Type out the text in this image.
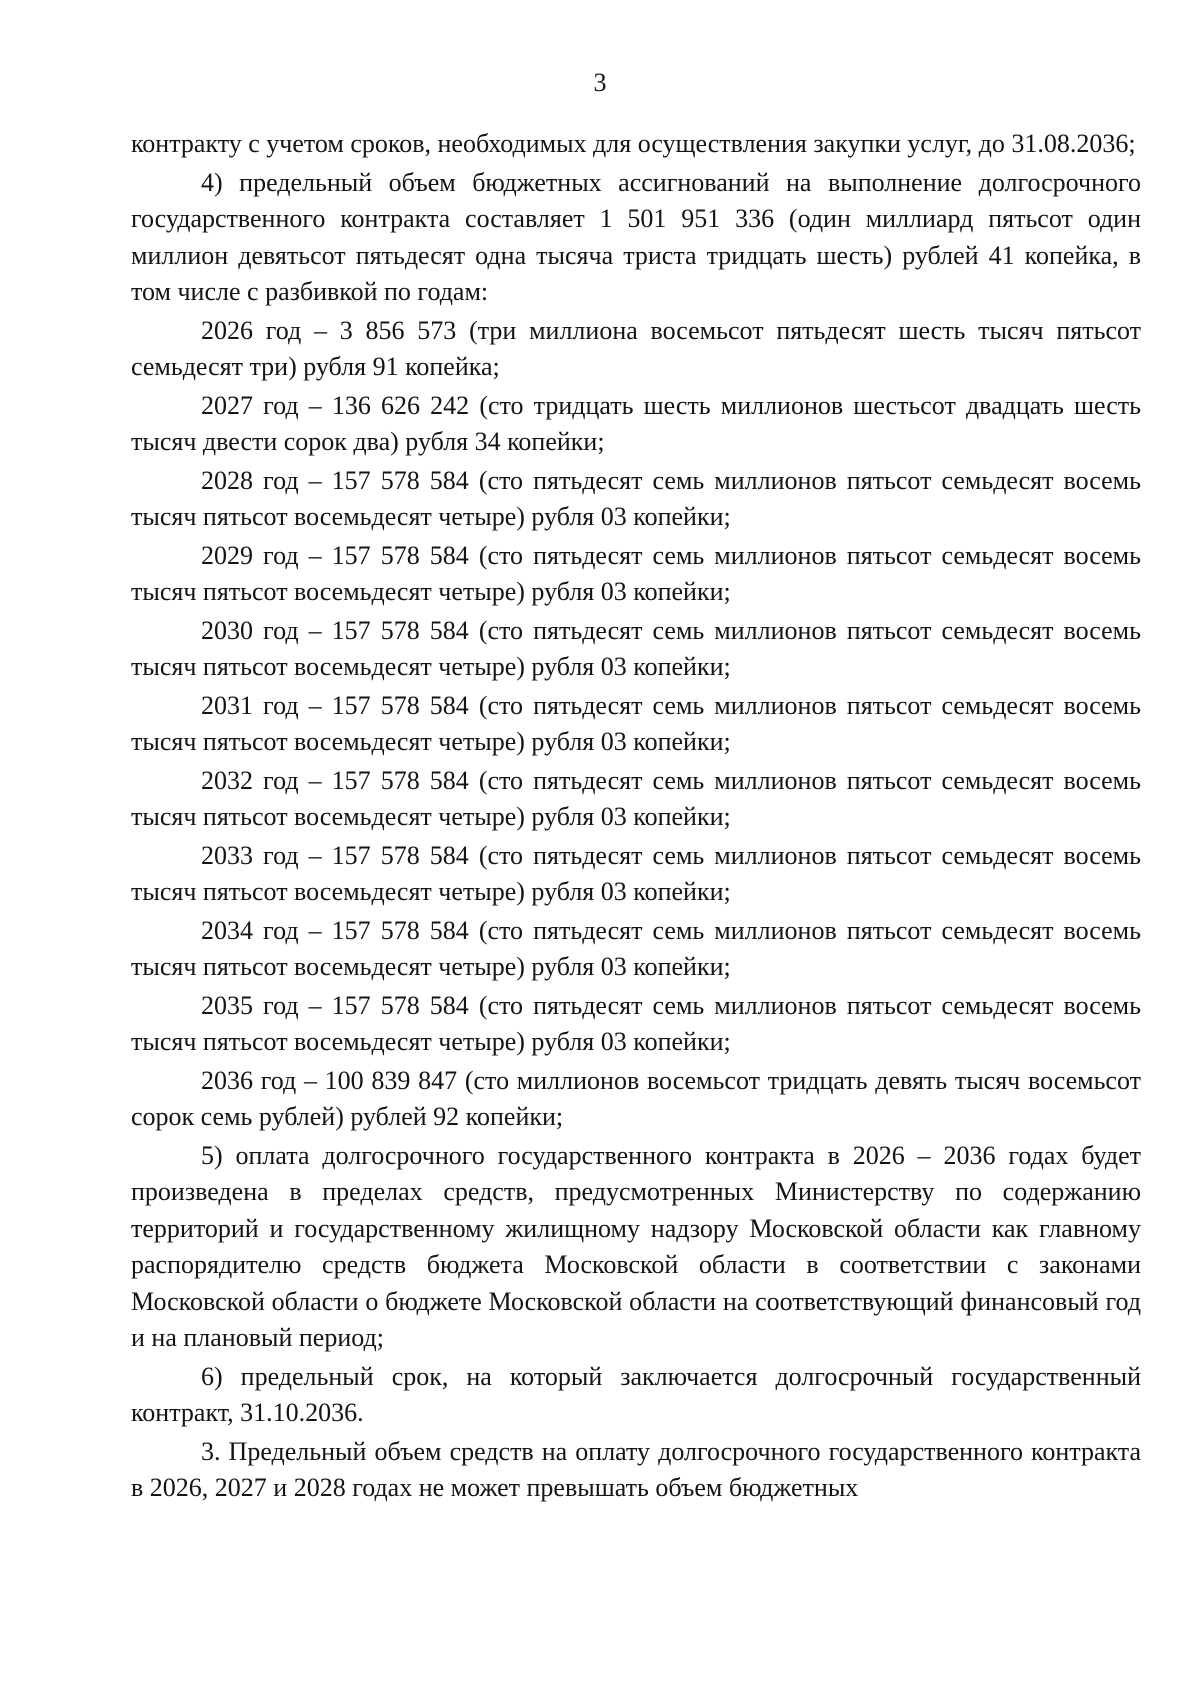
3

контракту с учетом сроков, необходимых для осуществления закупки услуг, до 31.08.2036;

4) предельный объем бюджетных ассигнований на выполнение долгосрочного государственного контракта составляет 1 501 951 336 (один миллиард пятьсот один миллион девятьсот пятьдесят одна тысяча триста тридцать шесть) рублей 41 копейка, в том числе с разбивкой по годам:

2026 год – 3 856 573 (три миллиона восемьсот пятьдесят шесть тысяч пятьсот семьдесят три) рубля 91 копейка;

2027 год – 136 626 242 (сто тридцать шесть миллионов шестьсот двадцать шесть тысяч двести сорок два) рубля 34 копейки;

2028 год – 157 578 584 (сто пятьдесят семь миллионов пятьсот семьдесят восемь тысяч пятьсот восемьдесят четыре) рубля 03 копейки;

2029 год – 157 578 584 (сто пятьдесят семь миллионов пятьсот семьдесят восемь тысяч пятьсот восемьдесят четыре) рубля 03 копейки;

2030 год – 157 578 584 (сто пятьдесят семь миллионов пятьсот семьдесят восемь тысяч пятьсот восемьдесят четыре) рубля 03 копейки;

2031 год – 157 578 584 (сто пятьдесят семь миллионов пятьсот семьдесят восемь тысяч пятьсот восемьдесят четыре) рубля 03 копейки;

2032 год – 157 578 584 (сто пятьдесят семь миллионов пятьсот семьдесят восемь тысяч пятьсот восемьдесят четыре) рубля 03 копейки;

2033 год – 157 578 584 (сто пятьдесят семь миллионов пятьсот семьдесят восемь тысяч пятьсот восемьдесят четыре) рубля 03 копейки;

2034 год – 157 578 584 (сто пятьдесят семь миллионов пятьсот семьдесят восемь тысяч пятьсот восемьдесят четыре) рубля 03 копейки;

2035 год – 157 578 584 (сто пятьдесят семь миллионов пятьсот семьдесят восемь тысяч пятьсот восемьдесят четыре) рубля 03 копейки;

2036 год – 100 839 847 (сто миллионов восемьсот тридцать девять тысяч восемьсот сорок семь рублей) рублей 92 копейки;

5) оплата долгосрочного государственного контракта в 2026 – 2036 годах будет произведена в пределах средств, предусмотренных Министерству по содержанию территорий и государственному жилищному надзору Московской области как главному распорядителю средств бюджета Московской области в соответствии с законами Московской области о бюджете Московской области на соответствующий финансовый год и на плановый период;

6) предельный срок, на который заключается долгосрочный государственный контракт, 31.10.2036.

3. Предельный объем средств на оплату долгосрочного государственного контракта в 2026, 2027 и 2028 годах не может превышать объем бюджетных
